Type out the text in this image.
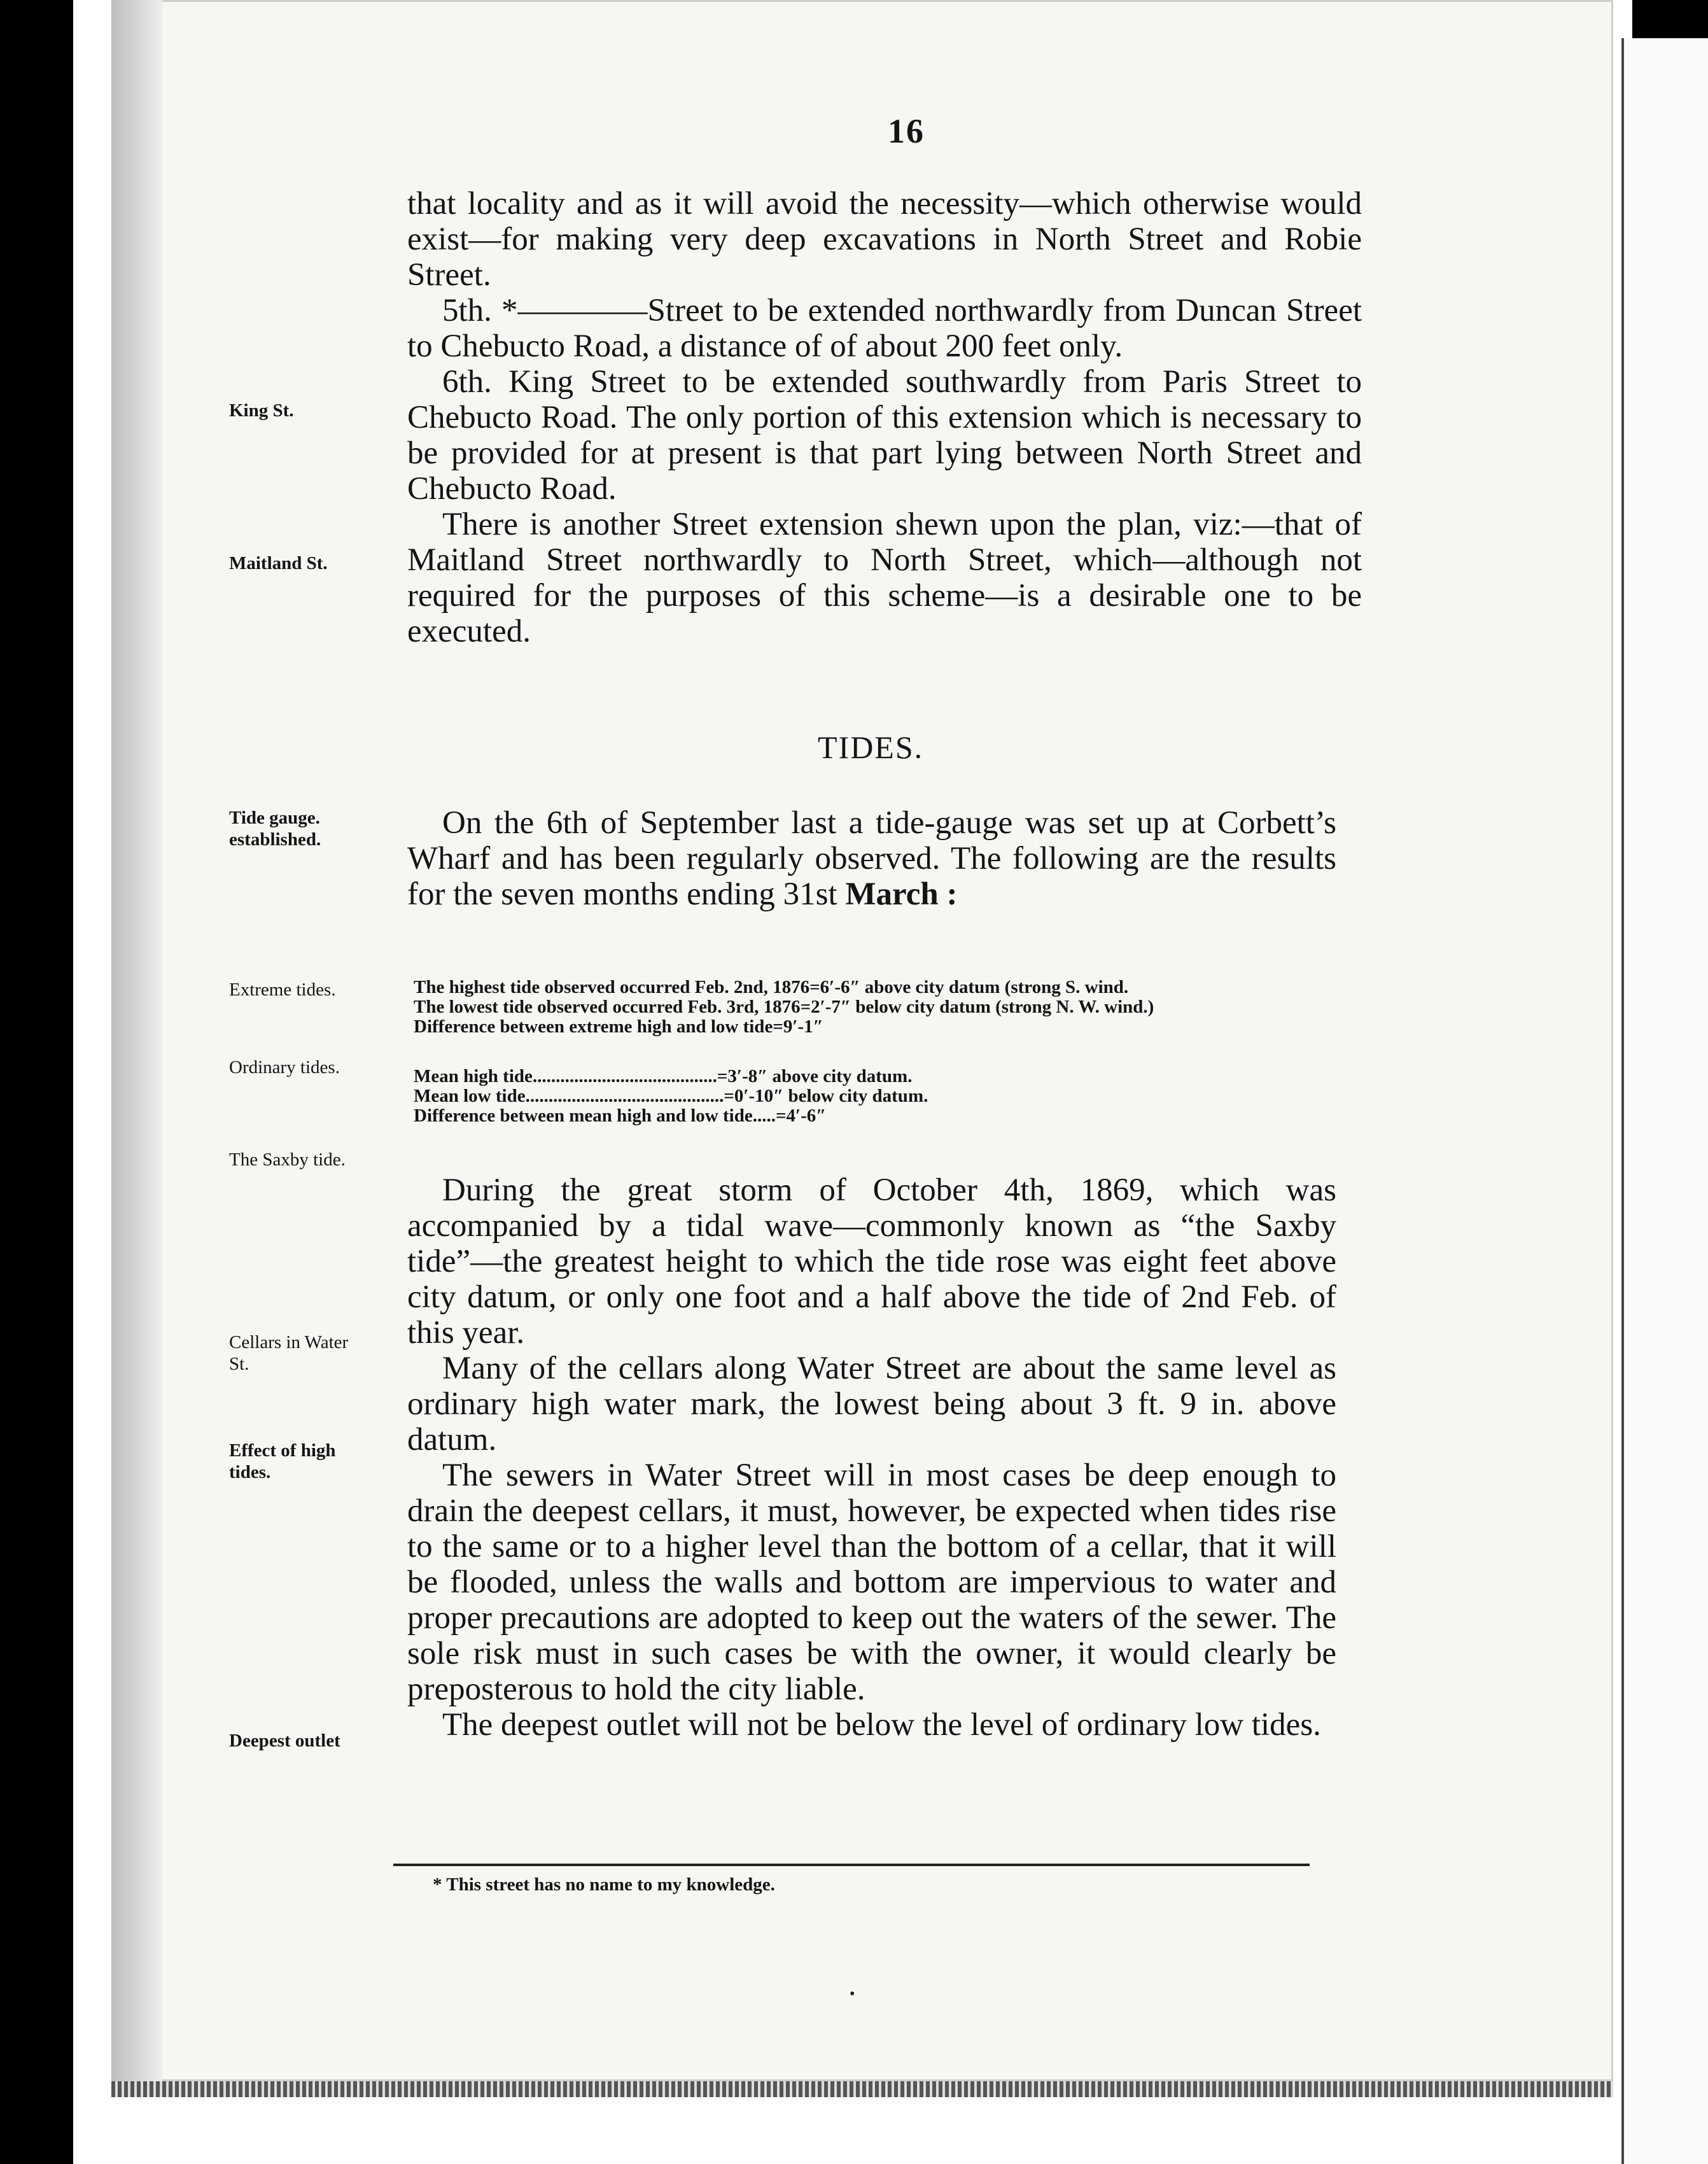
16

that locality and as it will avoid the necessity—which otherwise would exist—for making very deep excavations in North Street and Robie Street.

5th. *————Street to be extended northwardly from Duncan Street to Chebucto Road, a distance of of about 200 feet only.

6th. King Street to be extended southwardly from Paris Street to Chebucto Road. The only portion of this extension which is necessary to be provided for at present is that part lying between North Street and Chebucto Road.

There is another Street extension shewn upon the plan, viz:—that of Maitland Street northwardly to North Street, which—although not required for the purposes of this scheme—is a desirable one to be executed.

King St.
Maitland St.
TIDES.
Tide gauge. established.	On the 6th of September last a tide-gauge was set up at Corbett’s Wharf and has been regularly observed. The following are the results for the seven months ending 31st March :

Extreme tides.	The highest tide observed occurred Feb. 2nd, 1876=6′-6″ above city datum (strong S. wind.
The lowest tide observed occurred Feb. 3rd, 1876=2′-7″ below city datum (strong N. W. wind.)
Difference between extreme high and low tide=9′-1″
Ordinary tides.	Mean high tide........................................=3′-8″ above city datum.
Mean low tide...........................................=0′-10″ below city datum.
Difference between mean high and low tide.....=4′-6″
The Saxby tide.

During the great storm of October 4th, 1869, which was accompanied by a tidal wave—commonly known as “the Saxby tide”—the greatest height to which the tide rose was eight feet above city datum, or only one foot and a half above the tide of 2nd Feb. of this year.

Many of the cellars along Water Street are about the same level as ordinary high water mark, the lowest being about 3 ft. 9 in. above datum.

The sewers in Water Street will in most cases be deep enough to drain the deepest cellars, it must, however, be expected when tides rise to the same or to a higher level than the bottom of a cellar, that it will be flooded, unless the walls and bottom are impervious to water and proper precautions are adopted to keep out the waters of the sewer. The sole risk must in such cases be with the owner, it would clearly be preposterous to hold the city liable.

The deepest outlet will not be below the level of ordinary low tides.

Cellars in Water St.
Effect of high tides.
Deepest outlet
* This street has no name to my knowledge.
•
